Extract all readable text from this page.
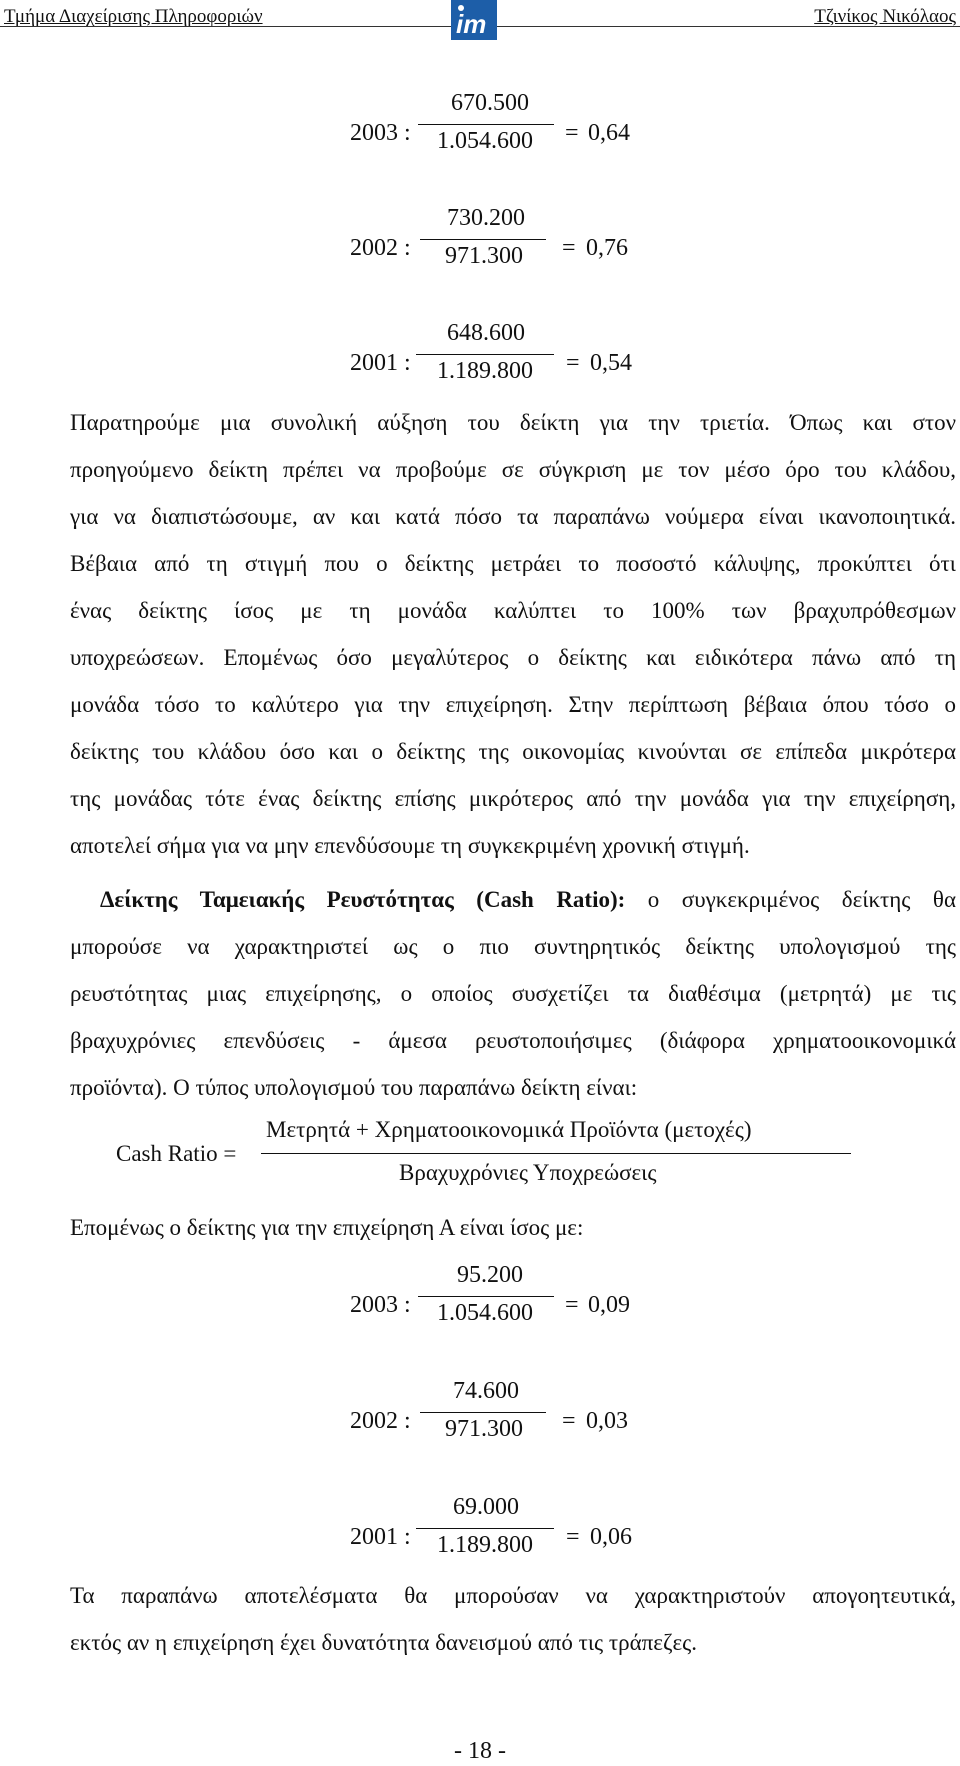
Τμήμα Διαχείρισης Πληροφοριών	im	Τζινίκος Νικόλαος
2003 :
670.500
1.054.600	= 0,64
2002 :
730.200
971.300	= 0,76
2001 :
648.600
1.189.800	= 0,54
Παρατηρούμε μια συνολική αύξηση του δείκτη για την τριετία. Όπως και στον
προηγούμενο δείκτη πρέπει να προβούμε σε σύγκριση με τον μέσο όρο του κλάδου,
για να διαπιστώσουμε, αν και κατά πόσο τα παραπάνω νούμερα είναι ικανοποιητικά.
Βέβαια από τη στιγμή που ο δείκτης μετράει το ποσοστό κάλυψης, προκύπτει ότι
ένας δείκτης ίσος με τη μονάδα καλύπτει το 100% των βραχυπρόθεσμων
υποχρεώσεων. Επομένως όσο μεγαλύτερος ο δείκτης και ειδικότερα πάνω από τη
μονάδα τόσο το καλύτερο για την επιχείρηση. Στην περίπτωση βέβαια όπου τόσο ο
δείκτης του κλάδου όσο και ο δείκτης της οικονομίας κινούνται σε επίπεδα μικρότερα
της μονάδας τότε ένας δείκτης επίσης μικρότερος από την μονάδα για την επιχείρηση,
αποτελεί σήμα για να μην επενδύσουμε τη συγκεκριμένη χρονική στιγμή.
Δείκτης Ταμειακής Ρευστότητας (Cash Ratio): ο συγκεκριμένος δείκτης θα
μπορούσε να χαρακτηριστεί ως ο πιο συντηρητικός δείκτης υπολογισμού της
ρευστότητας μιας επιχείρησης, ο οποίος συσχετίζει τα διαθέσιμα (μετρητά) με τις
βραχυχρόνιες επενδύσεις - άμεσα ρευστοποιήσιμες (διάφορα χρηματοοικονομικά
προϊόντα). Ο τύπος υπολογισμού του παραπάνω δείκτη είναι:
Cash Ratio =
Μετρητά + Χρηματοοικονομικά Προϊόντα (μετοχές)
Βραχυχρόνιες Υποχρεώσεις
Επομένως ο δείκτης για την επιχείρηση Α είναι ίσος με:
2003 :
95.200
1.054.600	= 0,09
2002 :
74.600
971.300	= 0,03
2001 :
69.000
1.189.800	= 0,06
Τα παραπάνω αποτελέσματα θα μπορούσαν να χαρακτηριστούν απογοητευτικά,
εκτός αν η επιχείρηση έχει δυνατότητα δανεισμού από τις τράπεζες.
- 18 -
